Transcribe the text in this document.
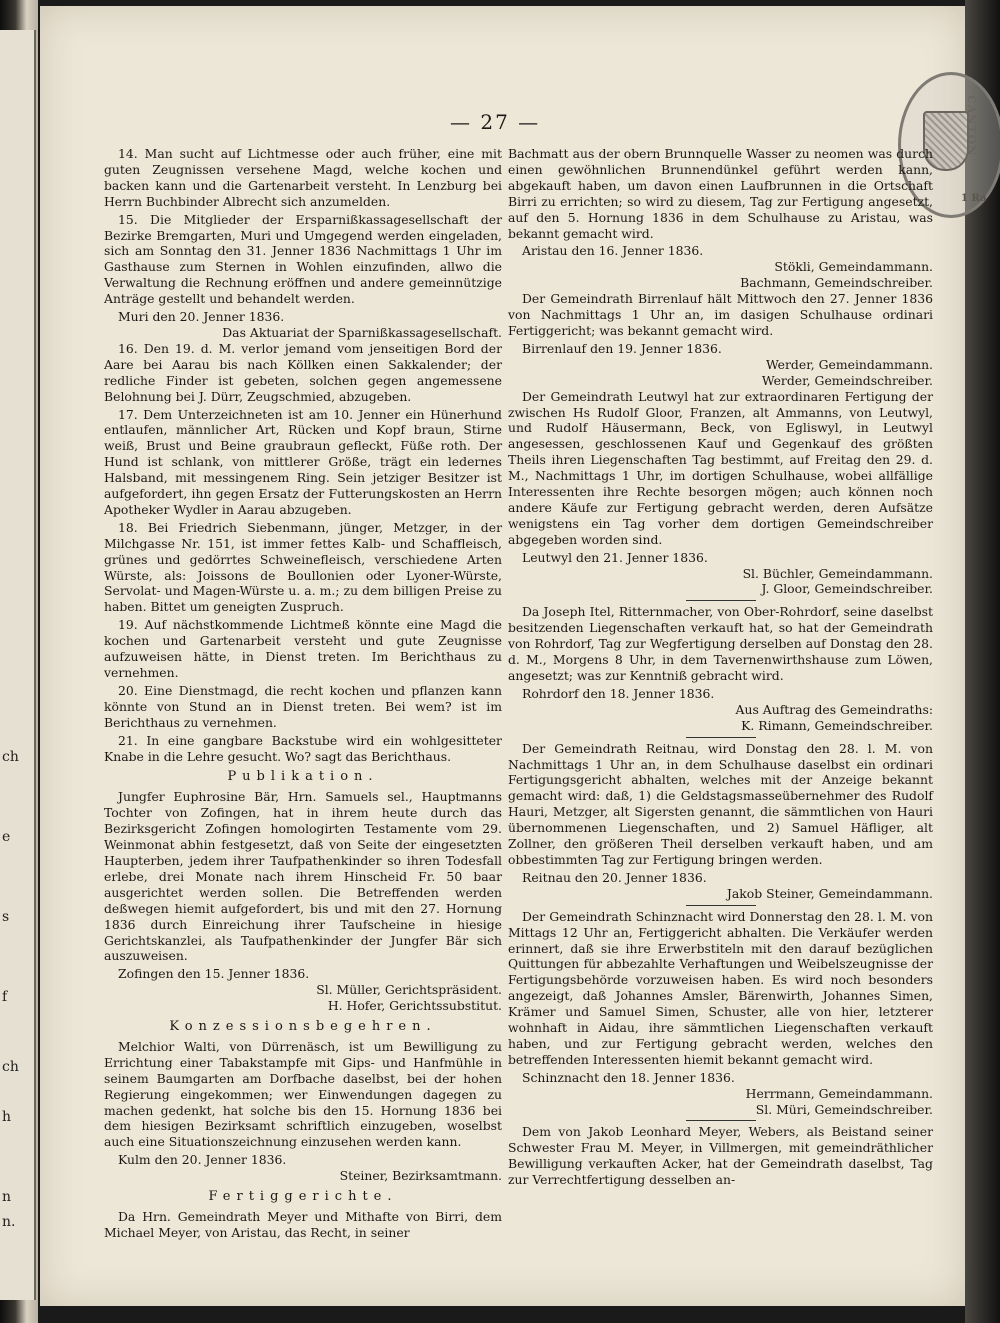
ch
e
s
f
ch
h
n
n.
CANTON
1 Ra
— 27 —

14. Man sucht auf Lichtmesse oder auch früher, eine mit guten Zeugnissen versehene Magd, welche kochen und backen kann und die Gartenarbeit versteht. In Lenzburg bei Herrn Buchbinder Albrecht sich anzumelden.

15. Die Mitglieder der Ersparnißkassagesellschaft der Bezirke Bremgarten, Muri und Umgegend werden eingeladen, sich am Sonntag den 31. Jenner 1836 Nachmittags 1 Uhr im Gasthause zum Sternen in Wohlen einzufinden, allwo die Verwaltung die Rechnung eröffnen und andere gemeinnützige Anträge gestellt und behandelt werden.

Muri den 20. Jenner 1836.
Das Aktuariat der Sparnißkassagesellschaft.

16. Den 19. d. M. verlor jemand vom jenseitigen Bord der Aare bei Aarau bis nach Köllken einen Sakkalender; der redliche Finder ist gebeten, solchen gegen angemessene Belohnung bei J. Dürr, Zeugschmied, abzugeben.

17. Dem Unterzeichneten ist am 10. Jenner ein Hünerhund entlaufen, männlicher Art, Rücken und Kopf braun, Stirne weiß, Brust und Beine graubraun gefleckt, Füße roth. Der Hund ist schlank, von mittlerer Größe, trägt ein ledernes Halsband, mit messingenem Ring. Sein jetziger Besitzer ist aufgefordert, ihn gegen Ersatz der Futterungskosten an Herrn Apotheker Wydler in Aarau abzugeben.

18. Bei Friedrich Siebenmann, jünger, Metzger, in der Milchgasse Nr. 151, ist immer fettes Kalb- und Schaffleisch, grünes und gedörrtes Schweinefleisch, verschiedene Arten Würste, als: Joissons de Boullonien oder Lyoner-Würste, Servolat- und Magen-Würste u. a. m.; zu dem billigen Preise zu haben. Bittet um geneigten Zuspruch.

19. Auf nächstkommende Lichtmeß könnte eine Magd die kochen und Gartenarbeit versteht und gute Zeugnisse aufzuweisen hätte, in Dienst treten. Im Berichthaus zu vernehmen.

20. Eine Dienstmagd, die recht kochen und pflanzen kann könnte von Stund an in Dienst treten. Bei wem? ist im Berichthaus zu vernehmen.

21. In eine gangbare Backstube wird ein wohlgesitteter Knabe in die Lehre gesucht. Wo? sagt das Berichthaus.

Publikation.

Jungfer Euphrosine Bär, Hrn. Samuels sel., Hauptmanns Tochter von Zofingen, hat in ihrem heute durch das Bezirksgericht Zofingen homologirten Testamente vom 29. Weinmonat abhin festgesetzt, daß von Seite der eingesetzten Haupterben, jedem ihrer Taufpathenkinder so ihren Todesfall erlebe, drei Monate nach ihrem Hinscheid Fr. 50 baar ausgerichtet werden sollen. Die Betreffenden werden deßwegen hiemit aufgefordert, bis und mit den 27. Hornung 1836 durch Einreichung ihrer Taufscheine in hiesige Gerichtskanzlei, als Taufpathenkinder der Jungfer Bär sich auszuweisen.

Zofingen den 15. Jenner 1836.
Sl. Müller, Gerichtspräsident.
H. Hofer, Gerichtssubstitut.
Konzessionsbegehren.

Melchior Walti, von Dürrenäsch, ist um Bewilligung zu Errichtung einer Tabakstampfe mit Gips- und Hanfmühle in seinem Baumgarten am Dorfbache daselbst, bei der hohen Regierung eingekommen; wer Einwendungen dagegen zu machen gedenkt, hat solche bis den 15. Hornung 1836 bei dem hiesigen Bezirksamt schriftlich einzugeben, woselbst auch eine Situationszeichnung einzusehen werden kann.

Kulm den 20. Jenner 1836.
Steiner, Bezirksamtmann.
Fertiggerichte.

Da Hrn. Gemeindrath Meyer und Mithafte von Birri, dem Michael Meyer, von Aristau, das Recht, in seiner

Bachmatt aus der obern Brunnquelle Wasser zu neomen was durch einen gewöhnlichen Brunnendünkel geführt werden kann, abgekauft haben, um davon einen Laufbrunnen in die Ortschaft Birri zu errichten; so wird zu diesem, Tag zur Fertigung angesetzt, auf den 5. Hornung 1836 in dem Schulhause zu Aristau, was bekannt gemacht wird.

Aristau den 16. Jenner 1836.
Stökli, Gemeindammann.
Bachmann, Gemeindschreiber.

Der Gemeindrath Birrenlauf hält Mittwoch den 27. Jenner 1836 von Nachmittags 1 Uhr an, im dasigen Schulhause ordinari Fertiggericht; was bekannt gemacht wird.

Birrenlauf den 19. Jenner 1836.
Werder, Gemeindammann.
Werder, Gemeindschreiber.

Der Gemeindrath Leutwyl hat zur extraordinaren Fertigung der zwischen Hs Rudolf Gloor, Franzen, alt Ammanns, von Leutwyl, und Rudolf Häusermann, Beck, von Egliswyl, in Leutwyl angesessen, geschlossenen Kauf und Gegenkauf des größten Theils ihren Liegenschaften Tag bestimmt, auf Freitag den 29. d. M., Nachmittags 1 Uhr, im dortigen Schulhause, wobei allfällige Interessenten ihre Rechte besorgen mögen; auch können noch andere Käufe zur Fertigung gebracht werden, deren Aufsätze wenigstens ein Tag vorher dem dortigen Gemeindschreiber abgegeben worden sind.

Leutwyl den 21. Jenner 1836.
Sl. Büchler, Gemeindammann.
J. Gloor, Gemeindschreiber.

Da Joseph Itel, Ritternmacher, von Ober-Rohrdorf, seine daselbst besitzenden Liegenschaften verkauft hat, so hat der Gemeindrath von Rohrdorf, Tag zur Wegfertigung derselben auf Donstag den 28. d. M., Morgens 8 Uhr, in dem Tavernenwirthshause zum Löwen, angesetzt; was zur Kenntniß gebracht wird.

Rohrdorf den 18. Jenner 1836.
Aus Auftrag des Gemeindraths:
K. Rimann, Gemeindschreiber.

Der Gemeindrath Reitnau, wird Donstag den 28. l. M. von Nachmittags 1 Uhr an, in dem Schulhause daselbst ein ordinari Fertigungsgericht abhalten, welches mit der Anzeige bekannt gemacht wird: daß, 1) die Geldstagsmasseübernehmer des Rudolf Hauri, Metzger, alt Sigersten genannt, die sämmtlichen von Hauri übernommenen Liegenschaften, und 2) Samuel Häfliger, alt Zollner, den größeren Theil derselben verkauft haben, und am obbestimmten Tag zur Fertigung bringen werden.

Reitnau den 20. Jenner 1836.
Jakob Steiner, Gemeindammann.

Der Gemeindrath Schinznacht wird Donnerstag den 28. l. M. von Mittags 12 Uhr an, Fertiggericht abhalten. Die Verkäufer werden erinnert, daß sie ihre Erwerbstiteln mit den darauf bezüglichen Quittungen für abbezahlte Verhaftungen und Weibelszeugnisse der Fertigungsbehörde vorzuweisen haben. Es wird noch besonders angezeigt, daß Johannes Amsler, Bärenwirth, Johannes Simen, Krämer und Samuel Simen, Schuster, alle von hier, letzterer wohnhaft in Aidau, ihre sämmtlichen Liegenschaften verkauft haben, und zur Fertigung gebracht werden, welches den betreffenden Interessenten hiemit bekannt gemacht wird.

Schinznacht den 18. Jenner 1836.
Herrmann, Gemeindammann.
Sl. Müri, Gemeindschreiber.

Dem von Jakob Leonhard Meyer, Webers, als Beistand seiner Schwester Frau M. Meyer, in Villmergen, mit gemeindräthlicher Bewilligung verkauften Acker, hat der Gemeindrath daselbst, Tag zur Verrechtfertigung desselben an-
